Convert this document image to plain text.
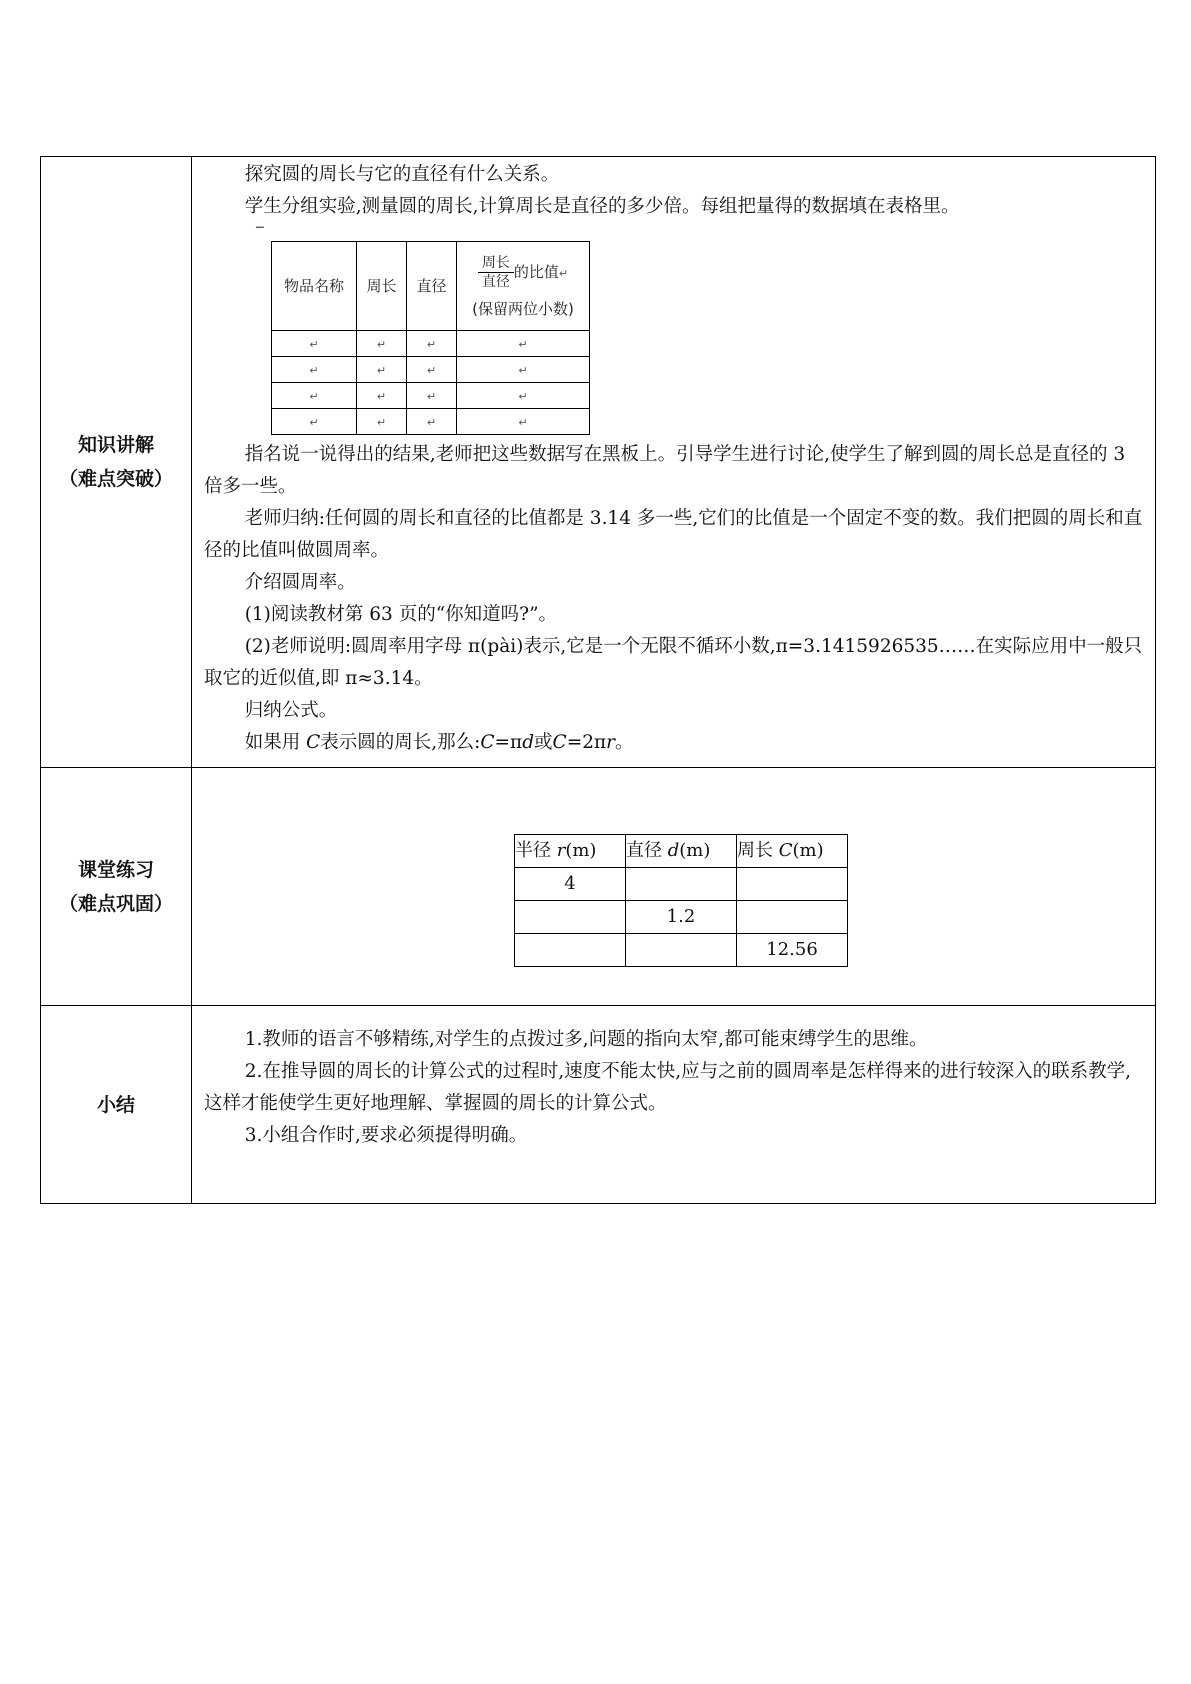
知识讲解
（难点突破）

探究圆的周长与它的直径有什么关系。

学生分组实验,测量圆的周长,计算周长是直径的多少倍。每组把量得的数据填在表格里。

▔
物品名称	周长	直径	$\frac{\text{周长}}{\text{直径}}$ 的比值↵
(保留两位小数)

↵	↵	↵	↵
↵	↵	↵	↵
↵	↵	↵	↵
↵	↵	↵	↵

指名说一说得出的结果,老师把这些数据写在黑板上。引导学生进行讨论,使学生了解到圆的周长总是直径的 3 倍多一些。

老师归纳:任何圆的周长和直径的比值都是 3.14 多一些,它们的比值是一个固定不变的数。我们把圆的周长和直径的比值叫做圆周率。

介绍圆周率。

(1)阅读教材第 63 页的“你知道吗?”。

(2)老师说明:圆周率用字母 π(pài)表示,它是一个无限不循环小数,π=3.1415926535……在实际应用中一般只取它的近似值,即 π≈3.14。

归纳公式。

如果用 C表示圆的周长,那么:C=πd或C=2πr。

课堂练习
（难点巩固）

半径 r(m)	直径 d(m)	周长 C(m)
4		
	1.2	
		12.56

小结

1.教师的语言不够精练,对学生的点拨过多,问题的指向太窄,都可能束缚学生的思维。

2.在推导圆的周长的计算公式的过程时,速度不能太快,应与之前的圆周率是怎样得来的进行较深入的联系教学,这样才能使学生更好地理解、掌握圆的周长的计算公式。

3.小组合作时,要求必须提得明确。
